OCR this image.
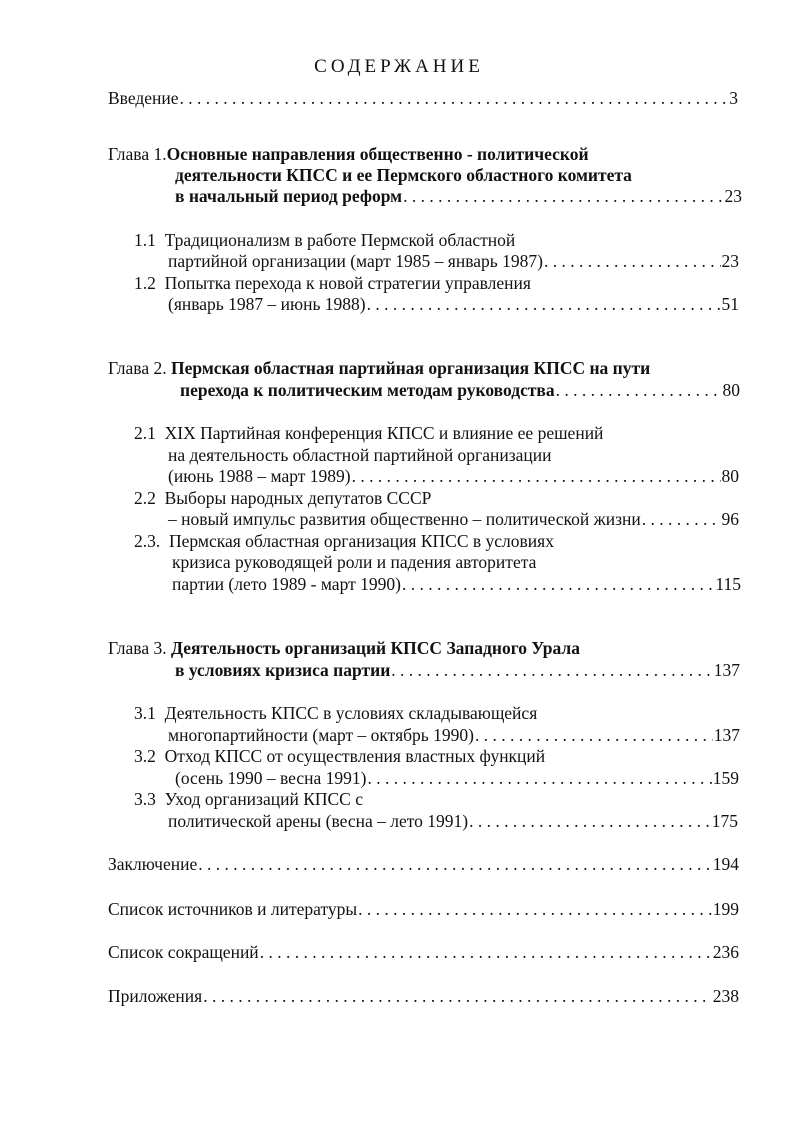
СОДЕРЖАНИЕ
Введение . . .	3
Глава 1.Основные направления общественно - политической
деятельности КПСС и ее Пермского областного комитета
в начальный период реформ . . .	23
1.1 Традиционализм в работе Пермской областной
партийной организации (март 1985 – январь 1987) . . .	23
1.2 Попытка перехода к новой стратегии управления
(январь 1987 – июнь 1988) . . .	51
Глава 2. Пермская областная партийная организация КПСС на пути
перехода к политическим методам руководства . . .	80
2.1 XIX Партийная конференция КПСС и влияние ее решений
на деятельность областной партийной организации
(июнь 1988 – март 1989) . . .	80
2.2 Выборы народных депутатов СССР
– новый импульс развития общественно – политической жизни . . .	96
2.3. Пермская областная организация КПСС в условиях
кризиса руководящей роли и падения авторитета
партии (лето 1989 - март 1990) . . .	115
Глава 3. Деятельность организаций КПСС Западного Урала
в условиях кризиса партии . . .	137
3.1 Деятельность КПСС в условиях складывающейся
многопартийности (март – октябрь 1990) . . .	137
3.2 Отход КПСС от осуществления властных функций
(осень 1990 – весна 1991) . . .	159
3.3 Уход организаций КПСС с
политической арены (весна – лето 1991) . . .	175
Заключение . . .	194
Список источников и литературы . . .	199
Список сокращений . . .	236
Приложения . . .	238
